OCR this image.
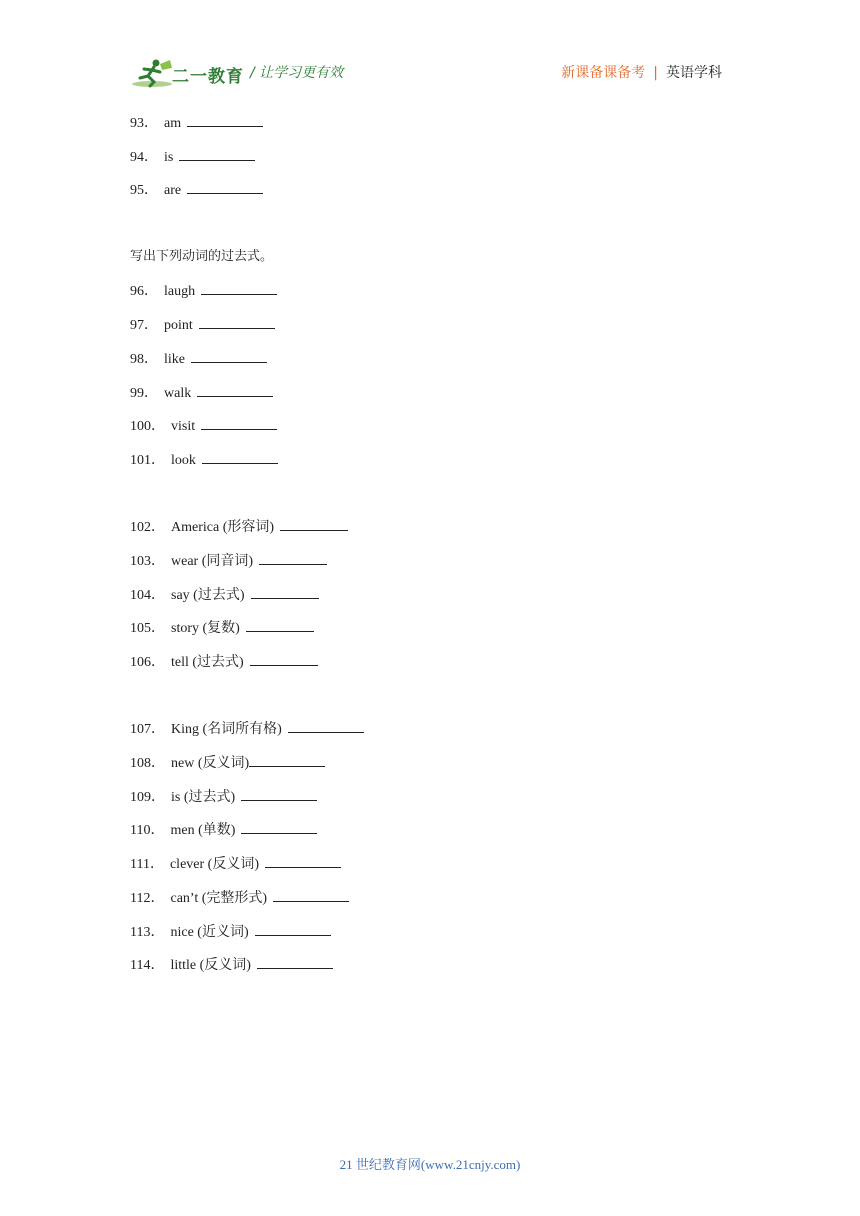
二一教育 / 让学习更有效	新课备课备考 | 英语学科
93． am
94． is
95． are
写出下列动词的过去式。
96． laugh
97． point
98． like
99． walk
100． visit
101． look
102． America (形容词)
103． wear (同音词)
104． say (过去式)
105． story (复数)
106． tell (过去式)
107． King (名词所有格)
108． new (反义词)
109． is (过去式)
110． men (单数)
111． clever (反义词)
112． can’t (完整形式)
113． nice (近义词)
114． little (反义词)
21 世纪教育网(www.21cnjy.com)
